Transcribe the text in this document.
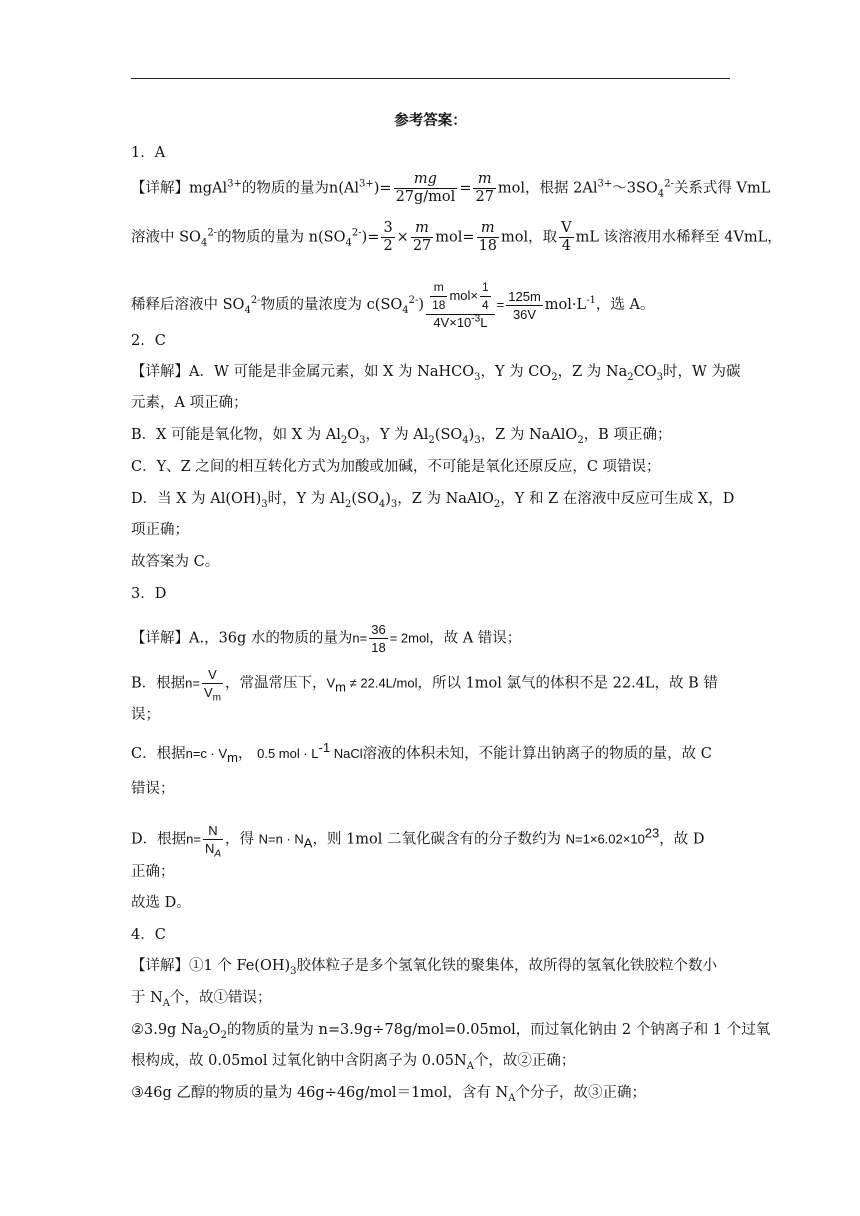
参考答案：
1．A
【详解】mgAl$^{3+}$的物质的量为$n(Al^{3+})= \frac{mg}{\text{27g/mol}} = \frac{m}{27}$ mol，根据 $2Al^{3+}\sim 3SO_4^{2-}$关系式得 VmL
溶液中 $SO_4^{2-}$的物质的量为 $n(SO_4^{2-})= \frac{3}{2} \times \frac{m}{27} mol= \frac{m}{18}$ mol，取 $\frac{V}{4}$ mL 该溶液用水稀释至 4VmL，
稀释后溶液中 $SO_4^{2-}$物质的量浓度为 $c(SO_4^{2-}) \frac{\frac{m}{18} mol\times \frac{1}{4}}{4V\times 10^{-3}L} = \frac{125m}{36V} mol\cdot L^{-1}$，选 A。
2．C
【详解】A．W 可能是非金属元素，如 X 为 NaHCO$_3$，Y 为 $CO_2$，Z 为 $Na_2CO_3$时，W 为碳
元素，A 项正确；
B．X 可能是氧化物，如 X 为 $Al_2O_3$，Y 为 $Al_2(SO_4)_3$，Z 为 NaAlO$_2$，B 项正确；
C．Y、Z 之间的相互转化方式为加酸或加碱，不可能是氧化还原反应，C 项错误；
D．当 X 为 $Al(OH)_3$时，Y 为 $Al_2(SO_4)_3$，Z 为 NaAlO$_2$，Y 和 Z 在溶液中反应可生成 X，D
项正确；
故答案为 C。
3．D
【详解】A.，36g 水的物质的量为$n= \frac{36}{18} = 2mol$，故 A 错误；
B．根据$n= \frac{V}{V_m}$ ，常温常压下，$V_m \ne 22.4L/mol$，所以 1mol 氯气的体积不是 22.4L，故 B 错
误；
C．根据$n=c \cdot V_m$， 0.5 mol · $L^{-1}$ NaCl溶液的体积未知，不能计算出钠离子的物质的量，故 C
错误；
D．根据$n= \frac{N}{N_A}$ ，得 $N=n \cdot N_A$，则 1mol 二氧化碳含有的分子数约为 $N=1\times 6.02\times 10^{23}$，故 D
正确；
故选 D。
4．C
【详解】①1 个 $Fe(OH)_3$胶体粒子是多个氢氧化铁的聚集体，故所得的氢氧化铁胶粒个数小
于 $N_A$个，故①错误；
②3.9g $Na_2O_2$的物质的量为 n=3.9g÷78g/mol=0.05mol，而过氧化钠由 2 个钠离子和 1 个过氧
根构成，故 0.05mol 过氧化钠中含阴离子为 $0.05N_A$个，故②正确；
③46g 乙醇的物质的量为 46g÷46g/mol＝1mol，含有 $N_A$个分子，故③正确；
